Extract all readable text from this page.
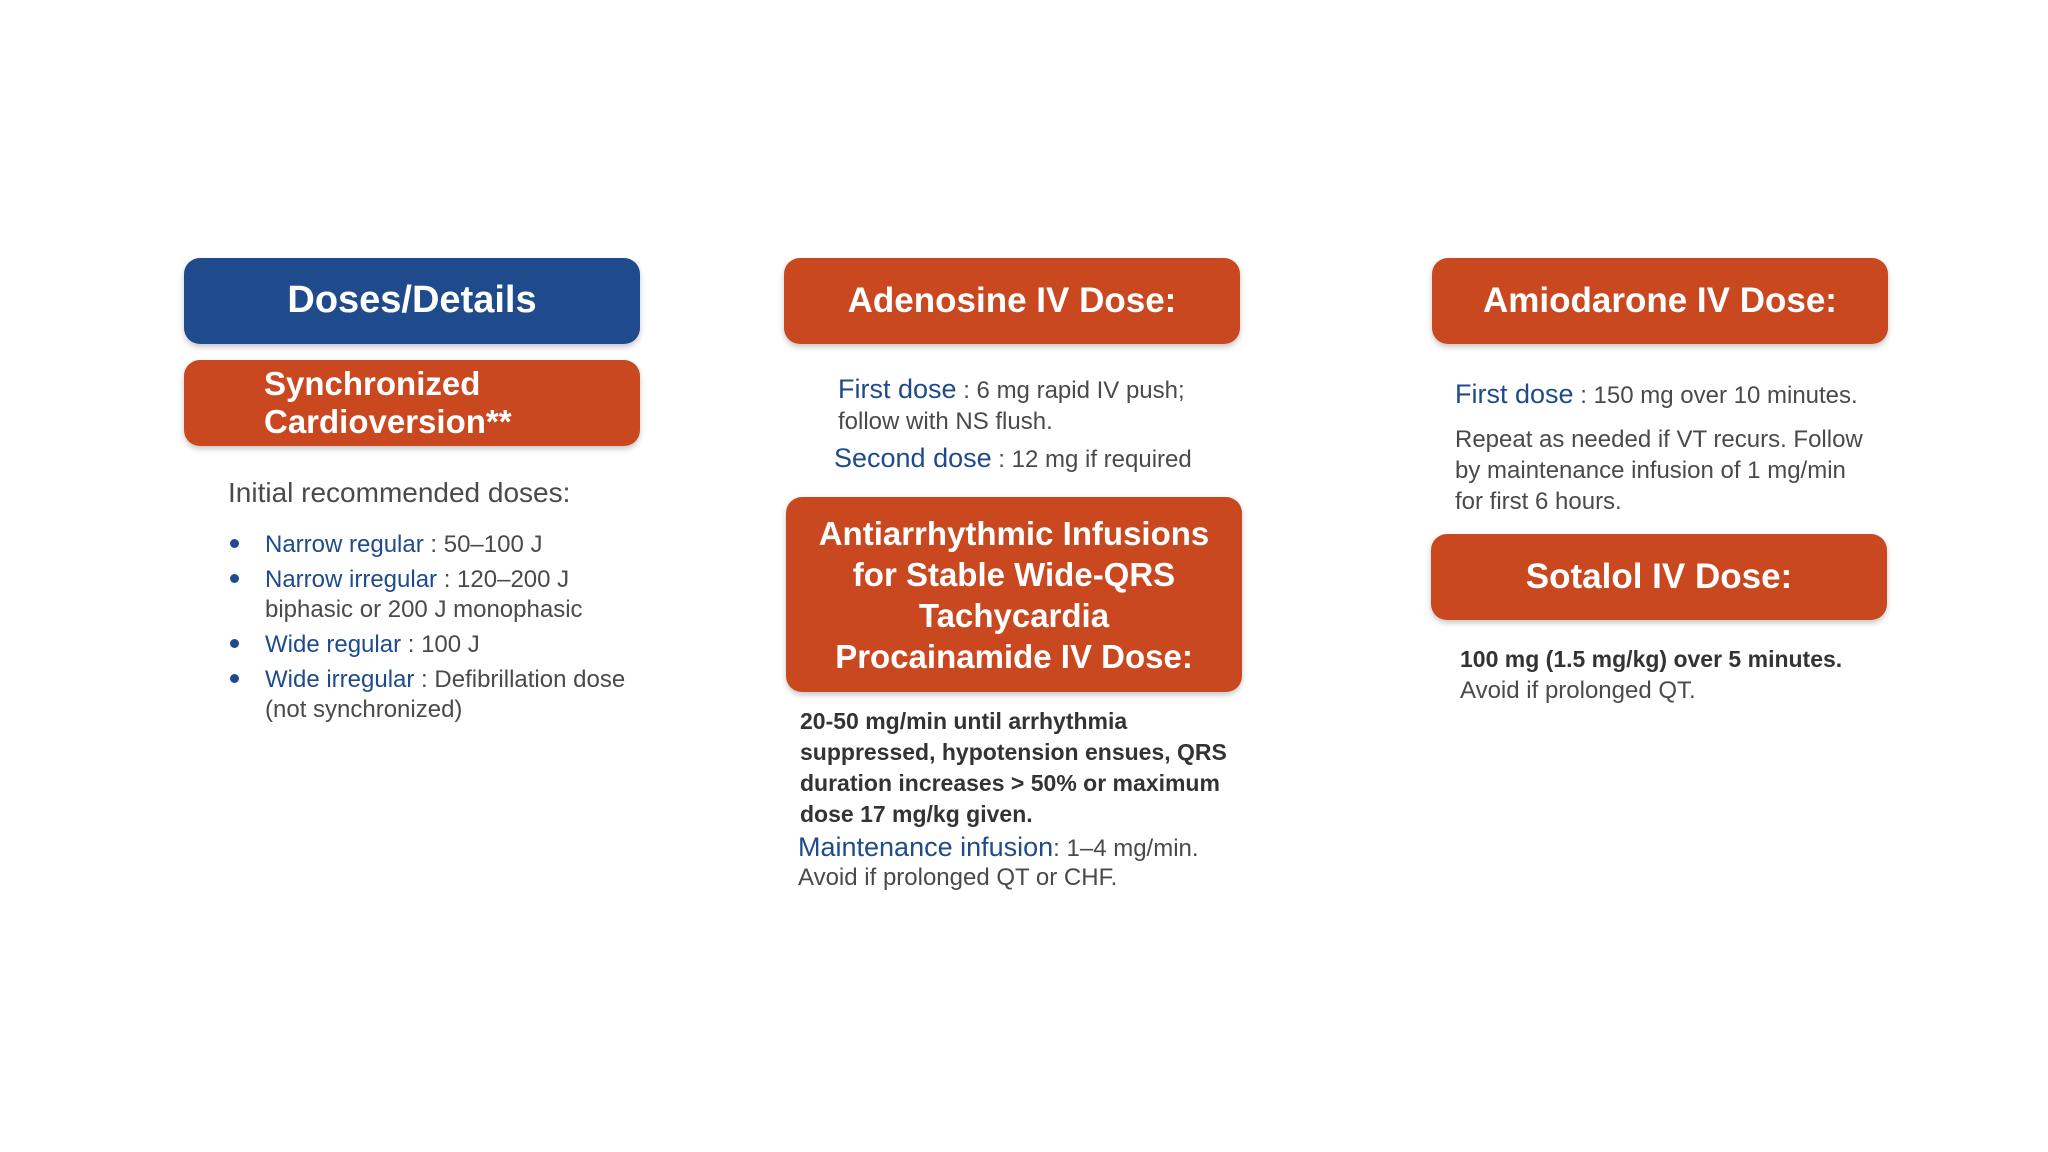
Doses/Details
Synchronized Cardioversion**
Initial recommended doses:
Narrow regular : 50–100 J
Narrow irregular : 120–200 J biphasic or 200 J monophasic
Wide regular : 100 J
Wide irregular : Defibrillation dose (not synchronized)
Adenosine IV Dose:
First dose : 6 mg rapid IV push; follow with NS flush.
Second dose : 12 mg if required
Antiarrhythmic Infusions
for Stable Wide-QRS
Tachycardia
Procainamide IV Dose:
20-50 mg/min until arrhythmia suppressed, hypotension ensues, QRS duration increases > 50% or maximum dose 17 mg/kg given.
Maintenance infusion: 1–4 mg/min.
Avoid if prolonged QT or CHF.
Amiodarone IV Dose:
First dose : 150 mg over 10 minutes.
Repeat as needed if VT recurs. Follow by maintenance infusion of 1 mg/min for first 6 hours.
Sotalol IV Dose:
100 mg (1.5 mg/kg) over 5 minutes.
Avoid if prolonged QT.
